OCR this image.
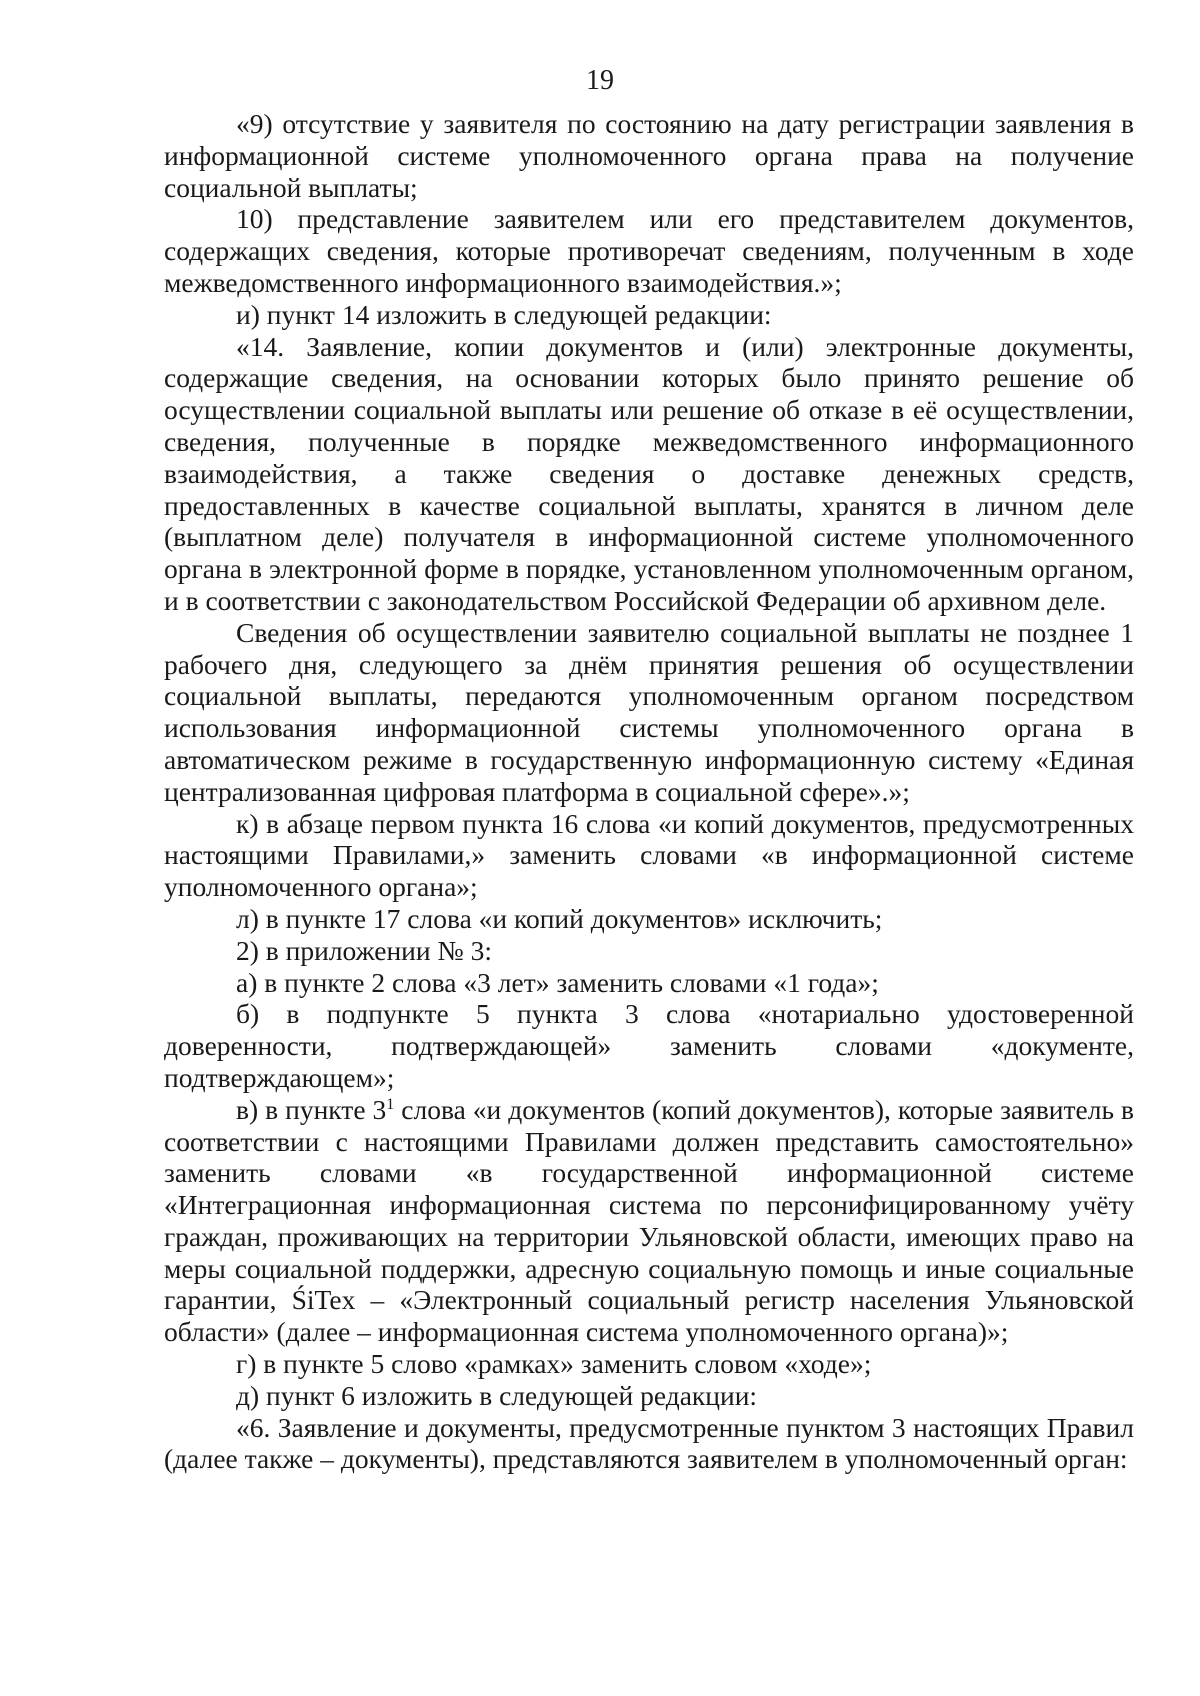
19

«9) отсутствие у заявителя по состоянию на дату регистрации заявления в информационной системе уполномоченного органа права на получение социальной выплаты;

10) представление заявителем или его представителем документов, содержащих сведения, которые противоречат сведениям, полученным в ходе межведомственного информационного взаимодействия.»;

и) пункт 14 изложить в следующей редакции:

«14. Заявление, копии документов и (или) электронные документы, содержащие сведения, на основании которых было принято решение об осуществлении социальной выплаты или решение об отказе в её осуществлении, сведения, полученные в порядке межведомственного информационного взаимодействия, а также сведения о доставке денежных средств, предоставленных в качестве социальной выплаты, хранятся в личном деле (выплатном деле) получателя в информационной системе уполномоченного органа в электронной форме в порядке, установленном уполномоченным органом, и в соответствии с законодательством Российской Федерации об архивном деле.

Сведения об осуществлении заявителю социальной выплаты не позднее 1 рабочего дня, следующего за днём принятия решения об осуществлении социальной выплаты, передаются уполномоченным органом посредством использования информационной системы уполномоченного органа в автоматическом режиме в государственную информационную систему «Единая централизованная цифровая платформа в социальной сфере».»;

к) в абзаце первом пункта 16 слова «и копий документов, предусмотренных настоящими Правилами,» заменить словами «в информационной системе уполномоченного органа»;

л) в пункте 17 слова «и копий документов» исключить;

2) в приложении № 3:

а) в пункте 2 слова «3 лет» заменить словами «1 года»;

б) в подпункте 5 пункта 3 слова «нотариально удостоверенной доверенности, подтверждающей» заменить словами «документе, подтверждающем»;

в) в пункте $3^1$ слова «и документов (копий документов), которые заявитель в соответствии с настоящими Правилами должен представить самостоятельно» заменить словами «в государственной информационной системе «Интеграционная информационная система по персонифицированному учёту граждан, проживающих на территории Ульяновской области, имеющих право на меры социальной поддержки, адресную социальную помощь и иные социальные гарантии, ŚiTex – «Электронный социальный регистр населения Ульяновской области» (далее – информационная система уполномоченного органа)»;

г) в пункте 5 слово «рамках» заменить словом «ходе»;

д) пункт 6 изложить в следующей редакции:

«6. Заявление и документы, предусмотренные пунктом 3 настоящих Правил (далее также – документы), представляются заявителем в уполномоченный орган:
